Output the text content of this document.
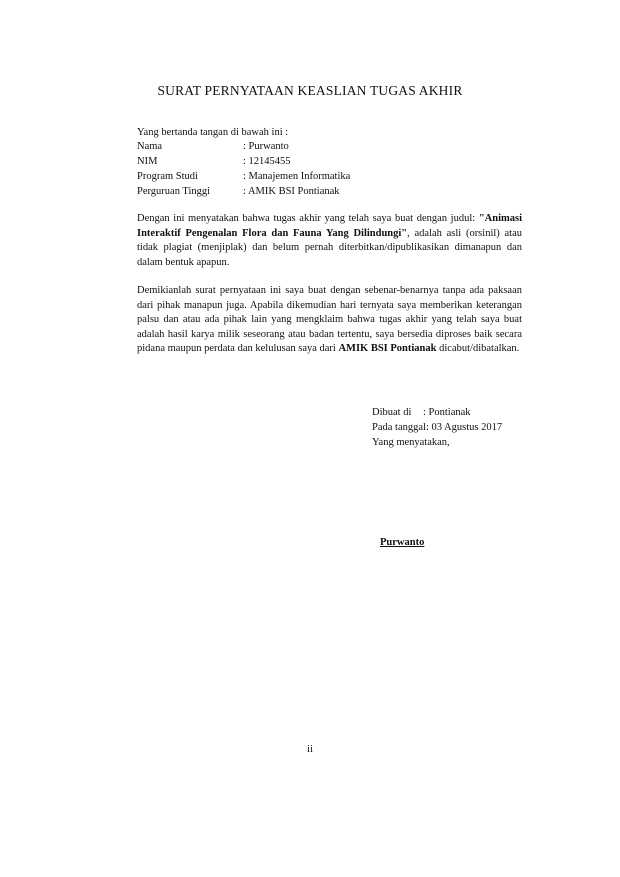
SURAT PERNYATAAN KEASLIAN TUGAS AKHIR
Yang bertanda tangan di bawah ini :
Nama	: Purwanto
NIM	: 12145455
Program Studi	: Manajemen Informatika
Perguruan Tinggi	: AMIK BSI Pontianak
Dengan ini menyatakan bahwa tugas akhir yang telah saya buat dengan judul: "Animasi Interaktif Pengenalan Flora dan Fauna Yang Dilindungi", adalah asli (orsinil) atau tidak plagiat (menjiplak) dan belum pernah diterbitkan/dipublikasikan dimanapun dan dalam bentuk apapun.
Demikianlah surat pernyataan ini saya buat dengan sebenar-benarnya tanpa ada paksaan dari pihak manapun juga. Apabila dikemudian hari ternyata saya memberikan keterangan palsu dan atau ada pihak lain yang mengklaim bahwa tugas akhir yang telah saya buat adalah hasil karya milik seseorang atau badan tertentu, saya bersedia diproses baik secara pidana maupun perdata dan kelulusan saya dari AMIK BSI Pontianak dicabut/dibatalkan.
Dibuat di	: Pontianak
Pada tanggal : 03 Agustus 2017
Yang menyatakan,
Purwanto
ii
